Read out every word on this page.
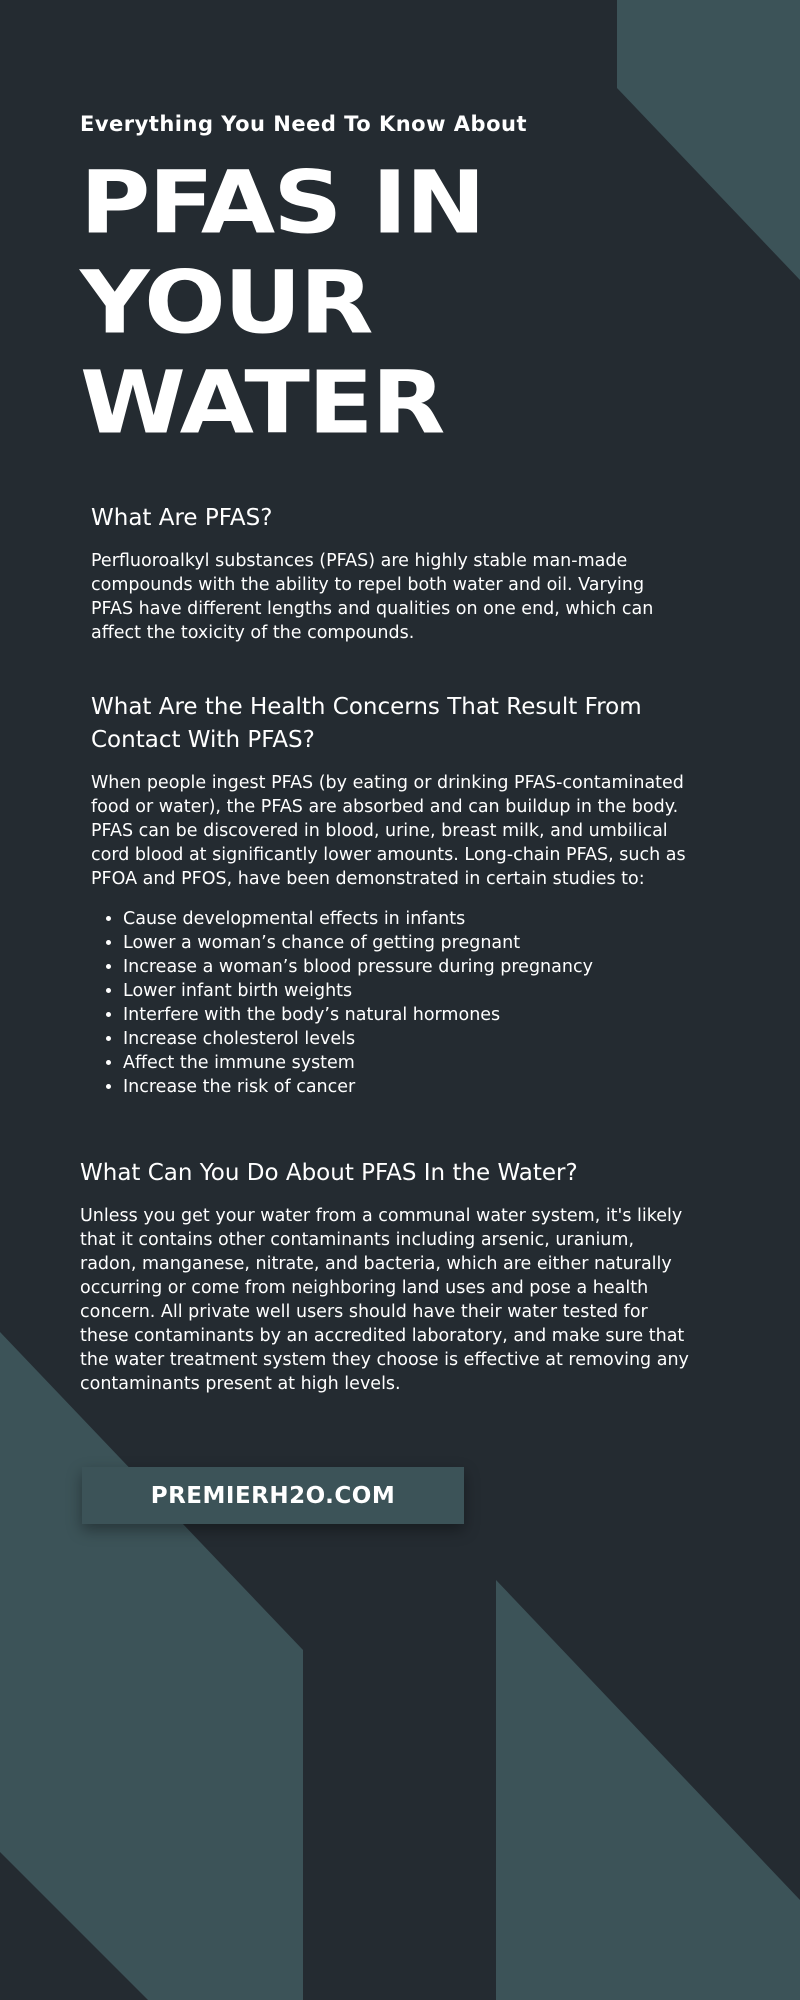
Everything You Need To Know About
PFAS IN
YOUR
WATER
What Are PFAS?

Perfluoroalkyl substances (PFAS) are highly stable man-made compounds with the ability to repel both water and oil. Varying PFAS have different lengths and qualities on one end, which can affect the toxicity of the compounds.

What Are the Health Concerns That Result From Contact With PFAS?

When people ingest PFAS (by eating or drinking PFAS-contaminated food or water), the PFAS are absorbed and can buildup in the body. PFAS can be discovered in blood, urine, breast milk, and umbilical cord blood at significantly lower amounts. Long-chain PFAS, such as PFOA and PFOS, have been demonstrated in certain studies to:

• Cause developmental effects in infants
• Lower a woman’s chance of getting pregnant
• Increase a woman’s blood pressure during pregnancy
• Lower infant birth weights
• Interfere with the body’s natural hormones
• Increase cholesterol levels
• Affect the immune system
• Increase the risk of cancer
What Can You Do About PFAS In the Water?

Unless you get your water from a communal water system, it's likely that it contains other contaminants including arsenic, uranium, radon, manganese, nitrate, and bacteria, which are either naturally occurring or come from neighboring land uses and pose a health concern. All private well users should have their water tested for these contaminants by an accredited laboratory, and make sure that the water treatment system they choose is effective at removing any contaminants present at high levels.

PREMIERH2O.COM
